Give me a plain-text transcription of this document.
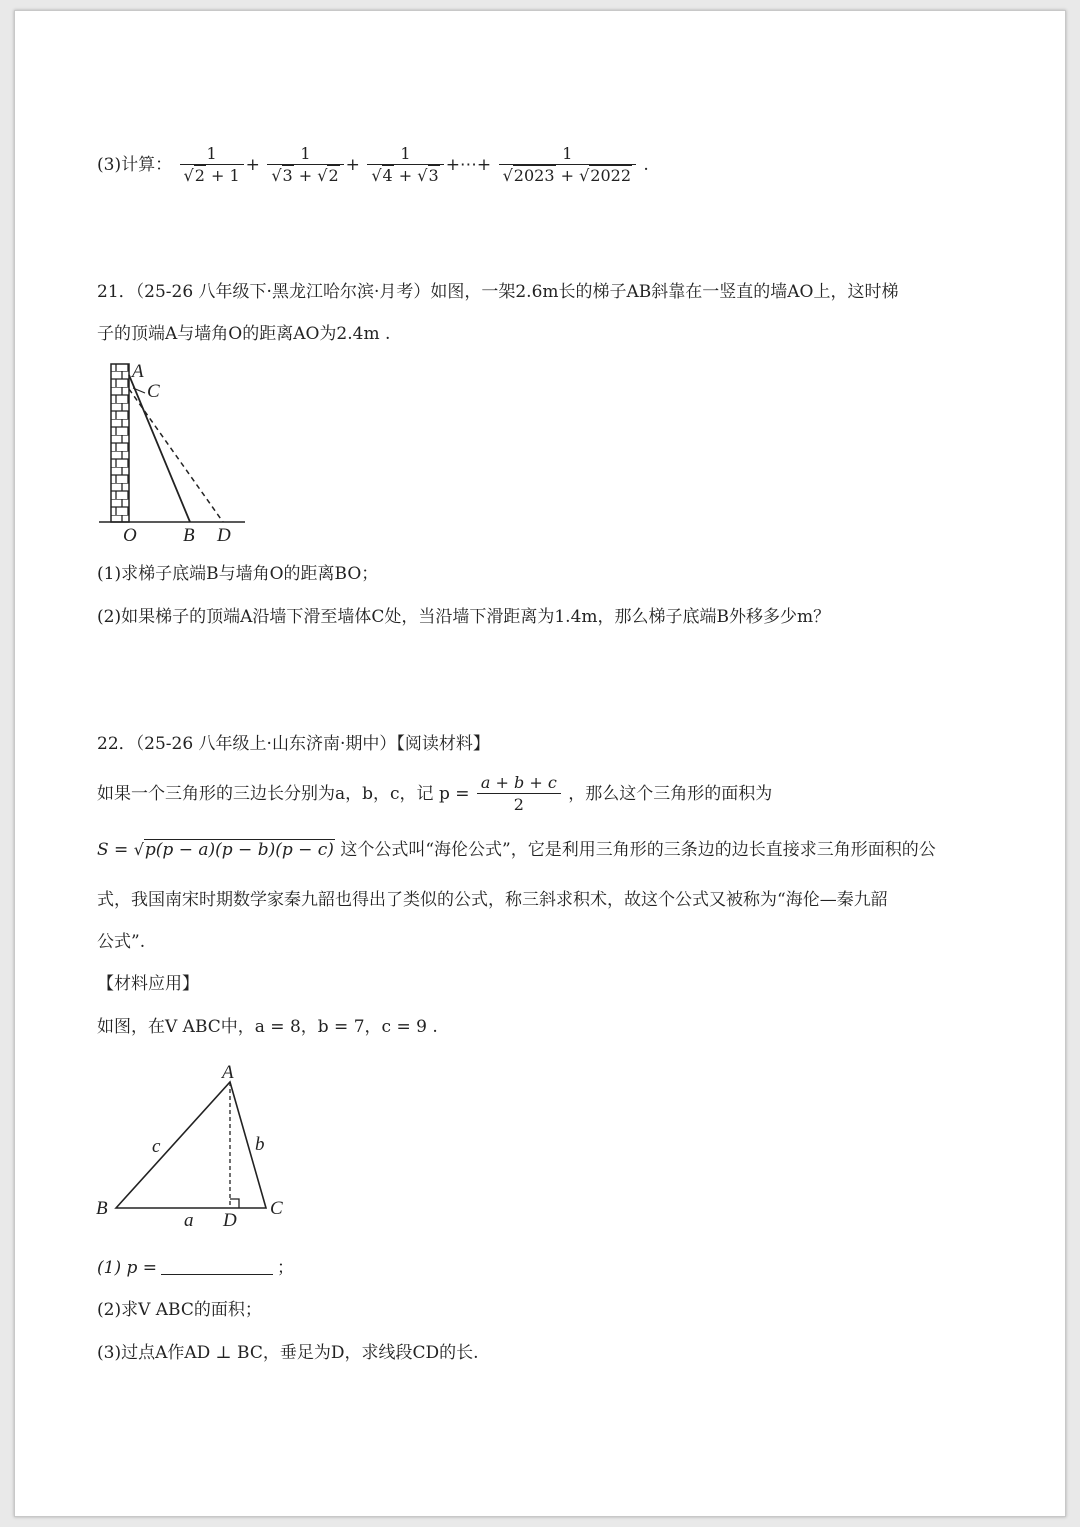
(3)计算： $\frac{1}{√2 + 1} + \frac{1}{√3 + √2} + \frac{1}{√4 + √3}$ +⋯+ $\frac{1}{√2023 + √2022}$ .
21．（25-26 八年级下·黑龙江哈尔滨·月考）如图，一架2.6m长的梯子AB斜靠在一竖直的墙AO上，这时梯
子的顶端A与墙角O的距离AO为2.4m .
A
C
O B D
(1)求梯子底端B与墙角O的距离BO；
(2)如果梯子的顶端A沿墙下滑至墙体C处，当沿墙下滑距离为1.4m，那么梯子底端B外移多少m？
22．（25-26 八年级上·山东济南·期中）【阅读材料】
如果一个三角形的三边长分别为a，b，c，记 $p = \frac{a + b + c}{2}$ ，那么这个三角形的面积为
S = √p(p − a)(p − b)(p − c) 这个公式叫“海伦公式”，它是利用三角形的三条边的边长直接求三角形面积的公
式，我国南宋时期数学家秦九韶也得出了类似的公式，称三斜求积术，故这个公式又被称为“海伦—秦九韶
公式”.
【材料应用】
如图，在V ABC中，a = 8，b = 7，c = 9 .
A
B	C
D
a
b
c
(1) p =	；
(2)求V ABC的面积；
(3)过点A作AD ⊥ BC，垂足为D，求线段CD的长.
